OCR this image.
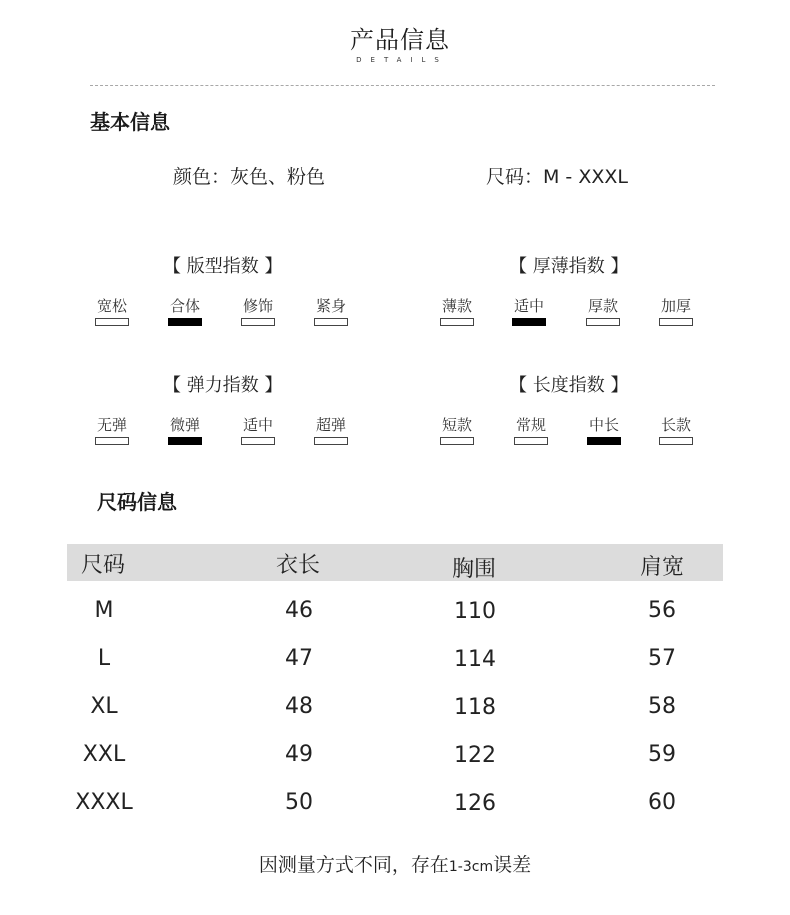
产品信息
DETAILS
基本信息
颜色：灰色、粉色	尺码：M - XXXL
【 版型指数 】
宽松	合体	修饰	紧身
【 厚薄指数 】
薄款	适中	厚款	加厚
【 弹力指数 】
无弹	微弹	适中	超弹
【 长度指数 】
短款	常规	中长	长款
尺码信息
尺码	衣长	胸围	肩宽
M	46	110	56
L	47	114	57
XL	48	118	58
XXL	49	122	59
XXXL	50	126	60
因测量方式不同，存在1-3cm误差
